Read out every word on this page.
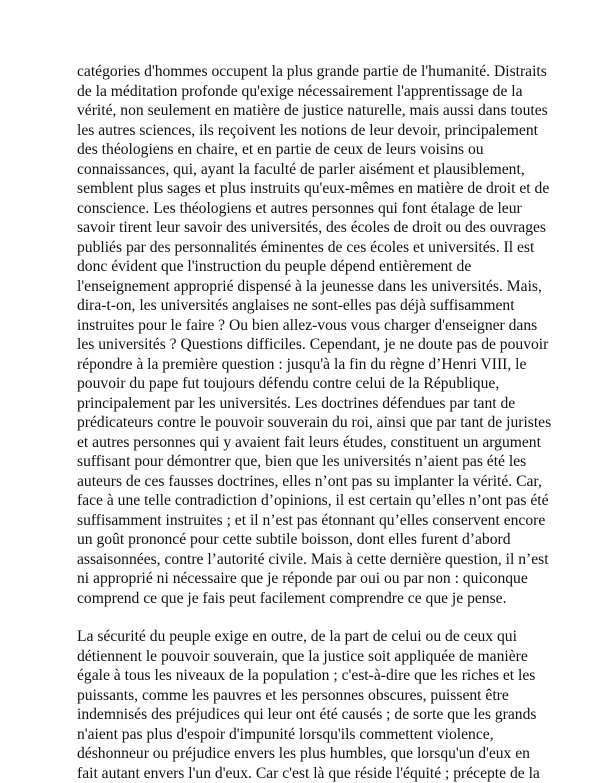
catégories d'hommes occupent la plus grande partie de l'humanité. Distraits
de la méditation profonde qu'exige nécessairement l'apprentissage de la
vérité, non seulement en matière de justice naturelle, mais aussi dans toutes
les autres sciences, ils reçoivent les notions de leur devoir, principalement
des théologiens en chaire, et en partie de ceux de leurs voisins ou
connaissances, qui, ayant la faculté de parler aisément et plausiblement,
semblent plus sages et plus instruits qu'eux-mêmes en matière de droit et de
conscience. Les théologiens et autres personnes qui font étalage de leur
savoir tirent leur savoir des universités, des écoles de droit ou des ouvrages
publiés par des personnalités éminentes de ces écoles et universités. Il est
donc évident que l'instruction du peuple dépend entièrement de
l'enseignement approprié dispensé à la jeunesse dans les universités. Mais,
dira-t-on, les universités anglaises ne sont-elles pas déjà suffisamment
instruites pour le faire ? Ou bien allez-vous vous charger d'enseigner dans
les universités ? Questions difficiles. Cependant, je ne doute pas de pouvoir
répondre à la première question : jusqu'à la fin du règne d’Henri VIII, le
pouvoir du pape fut toujours défendu contre celui de la République,
principalement par les universités. Les doctrines défendues par tant de
prédicateurs contre le pouvoir souverain du roi, ainsi que par tant de juristes
et autres personnes qui y avaient fait leurs études, constituent un argument
suffisant pour démontrer que, bien que les universités n’aient pas été les
auteurs de ces fausses doctrines, elles n’ont pas su implanter la vérité. Car,
face à une telle contradiction d’opinions, il est certain qu’elles n’ont pas été
suffisamment instruites ; et il n’est pas étonnant qu’elles conservent encore
un goût prononcé pour cette subtile boisson, dont elles furent d’abord
assaisonnées, contre l’autorité civile. Mais à cette dernière question, il n’est
ni approprié ni nécessaire que je réponde par oui ou par non : quiconque
comprend ce que je fais peut facilement comprendre ce que je pense.

La sécurité du peuple exige en outre, de la part de celui ou de ceux qui
détiennent le pouvoir souverain, que la justice soit appliquée de manière
égale à tous les niveaux de la population ; c'est-à-dire que les riches et les
puissants, comme les pauvres et les personnes obscures, puissent être
indemnisés des préjudices qui leur ont été causés ; de sorte que les grands
n'aient pas plus d'espoir d'impunité lorsqu'ils commettent violence,
déshonneur ou préjudice envers les plus humbles, que lorsqu'un d'eux en
fait autant envers l'un d'eux. Car c'est là que réside l'équité ; précepte de la
